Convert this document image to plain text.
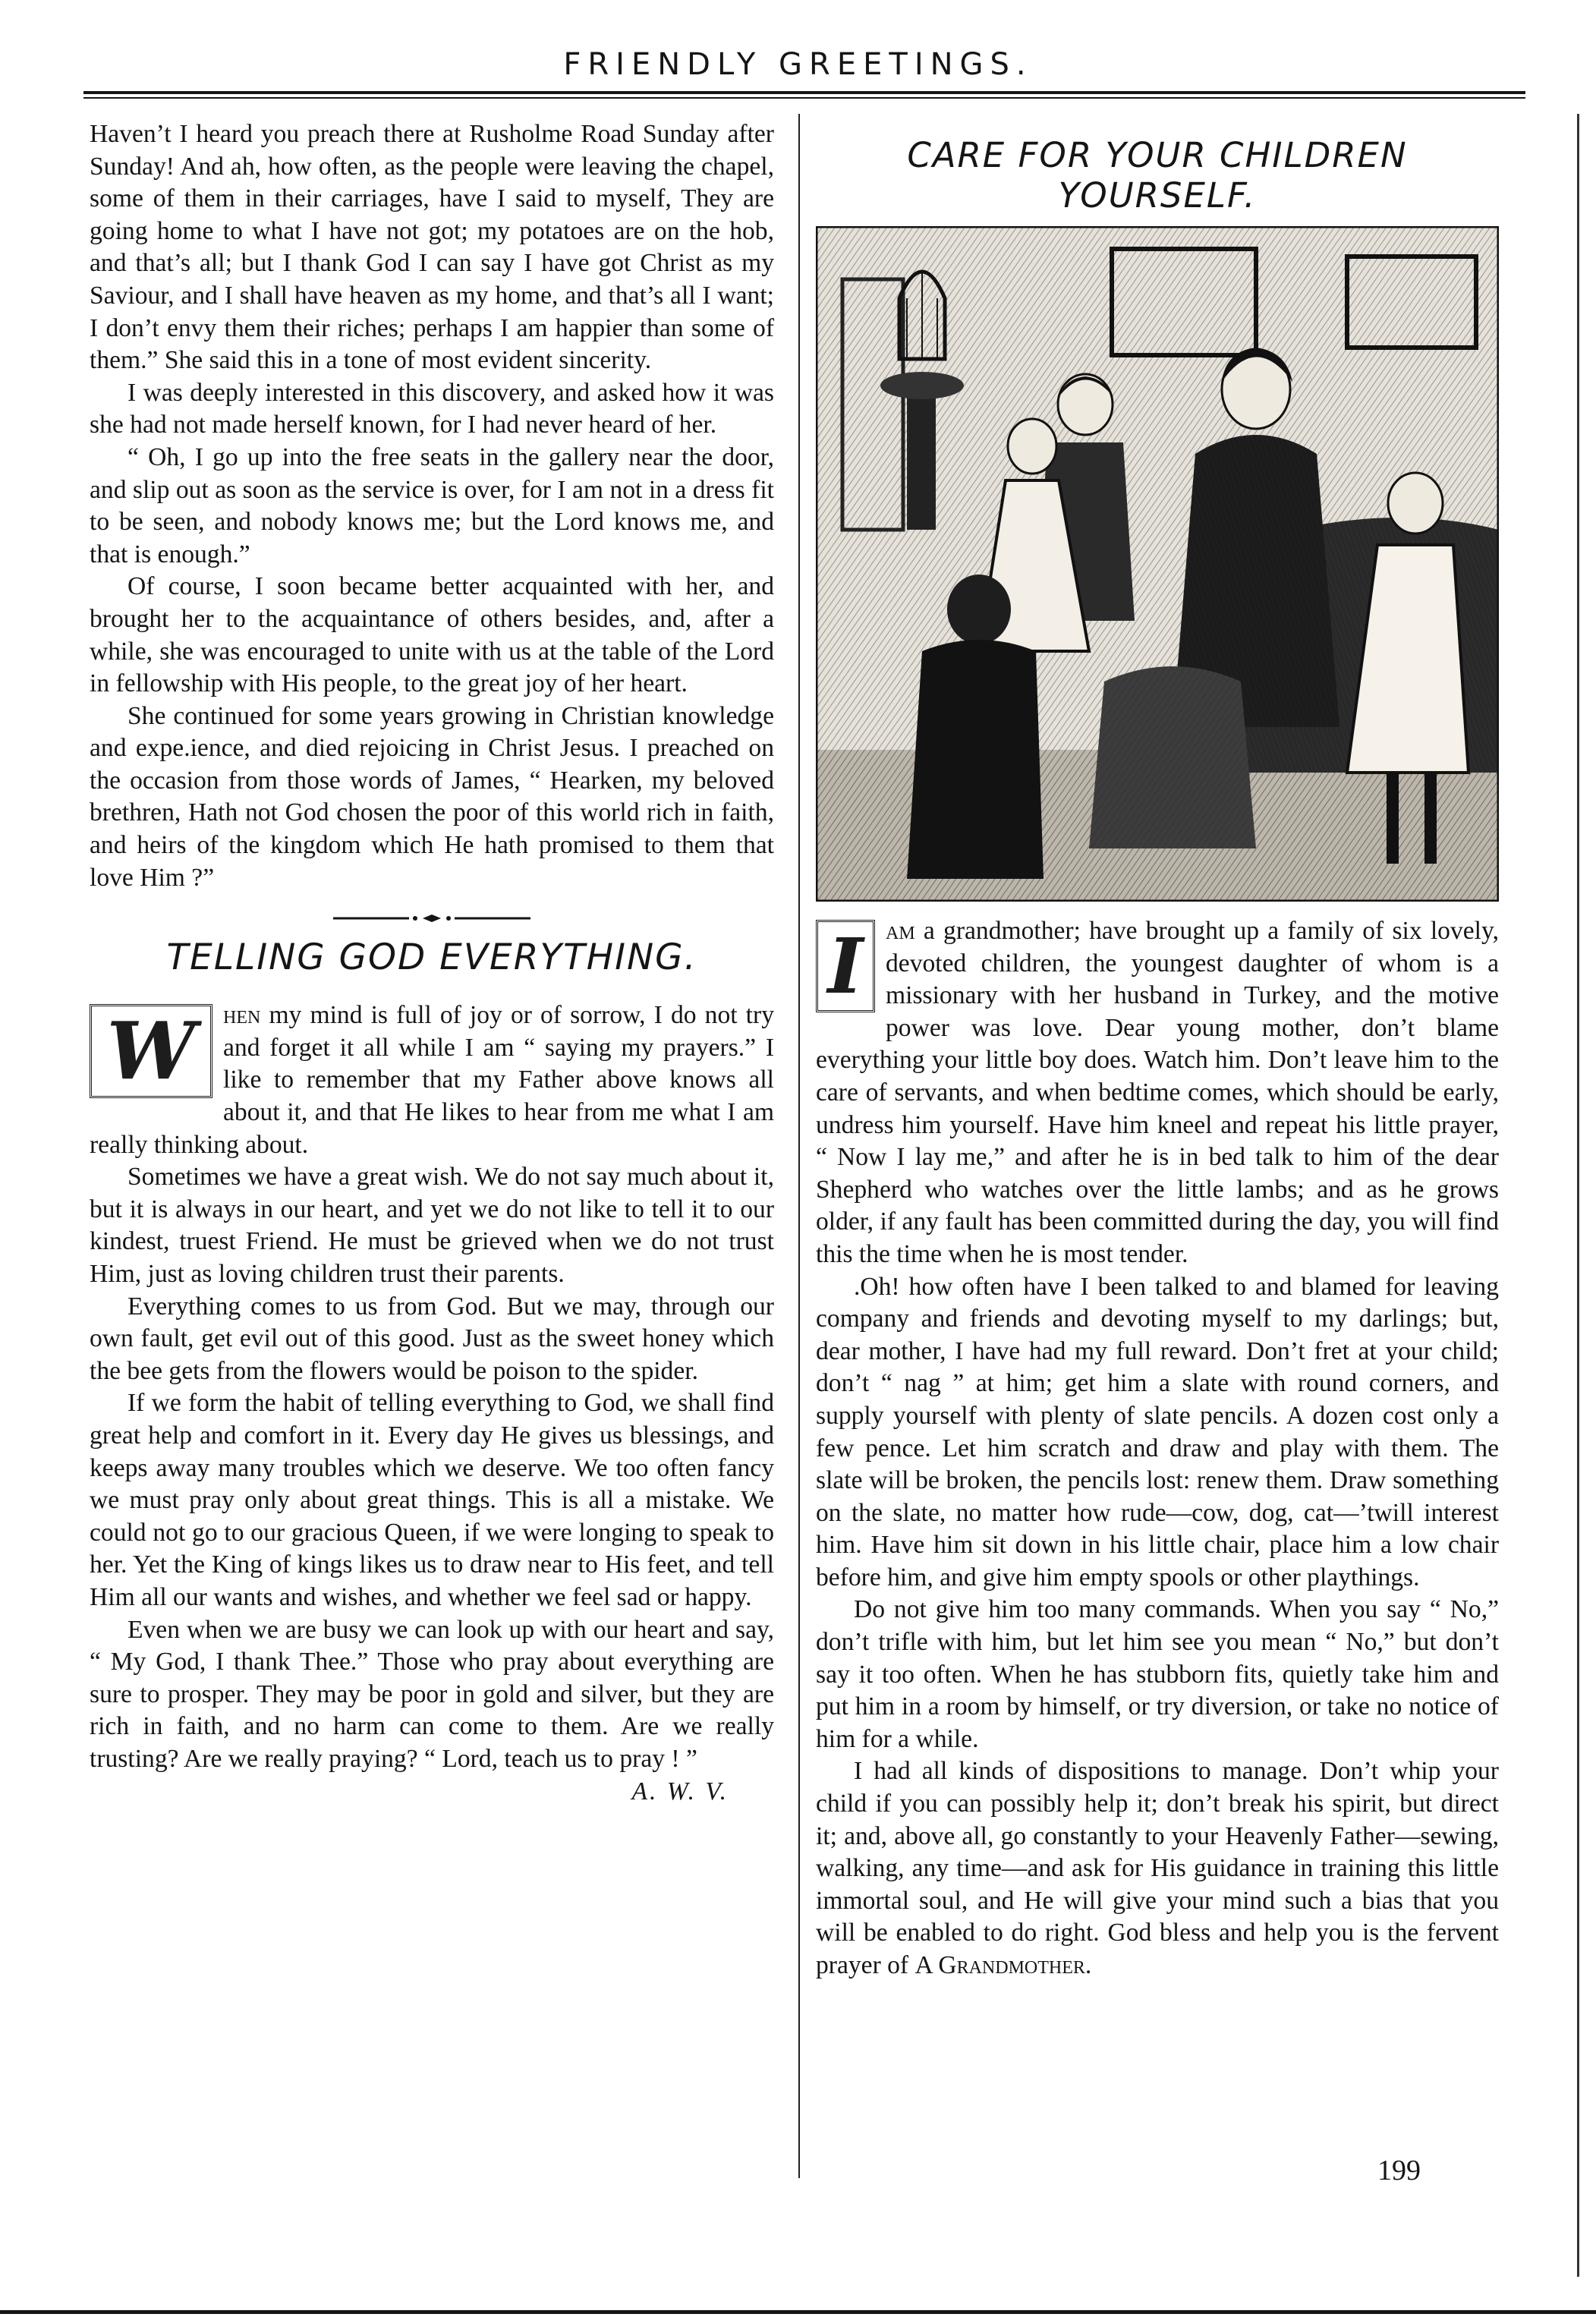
FRIENDLY GREETINGS.

Haven’t I heard you preach there at Rusholme Road Sunday after Sunday! And ah, how often, as the people were leaving the chapel, some of them in their carriages, have I said to myself, They are going home to what I have not got; my potatoes are on the hob, and that’s all; but I thank God I can say I have got Christ as my Saviour, and I shall have heaven as my home, and that’s all I want; I don’t envy them their riches; perhaps I am happier than some of them.” She said this in a tone of most evident sincerity.

I was deeply interested in this discovery, and asked how it was she had not made herself known, for I had never heard of her.

“ Oh, I go up into the free seats in the gallery near the door, and slip out as soon as the service is over, for I am not in a dress fit to be seen, and nobody knows me; but the Lord knows me, and that is enough.”

Of course, I soon became better acquainted with her, and brought her to the acquaintance of others besides, and, after a while, she was encouraged to unite with us at the table of the Lord in fellowship with His people, to the great joy of her heart.

She continued for some years growing in Christian knowledge and expe.ience, and died rejoicing in Christ Jesus. I preached on the occasion from those words of James, “ Hearken, my beloved brethren, Hath not God chosen the poor of this world rich in faith, and heirs of the kingdom which He hath promised to them that love Him ?”

TELLING GOD EVERYTHING.

W	hen my mind is full of joy or of sorrow, I do not try and forget it all while I am “ saying my prayers.” I like to remember that my Father above knows all about it, and that He likes to hear from me what I am really thinking about.

Sometimes we have a great wish. We do not say much about it, but it is always in our heart, and yet we do not like to tell it to our kindest, truest Friend. He must be grieved when we do not trust Him, just as loving children trust their parents.

Everything comes to us from God. But we may, through our own fault, get evil out of this good. Just as the sweet honey which the bee gets from the flowers would be poison to the spider.

If we form the habit of telling everything to God, we shall find great help and comfort in it. Every day He gives us blessings, and keeps away many troubles which we deserve. We too often fancy we must pray only about great things. This is all a mistake. We could not go to our gracious Queen, if we were longing to speak to her. Yet the King of kings likes us to draw near to His feet, and tell Him all our wants and wishes, and whether we feel sad or happy.

Even when we are busy we can look up with our heart and say, “ My God, I thank Thee.” Those who pray about everything are sure to prosper. They may be poor in gold and silver, but they are rich in faith, and no harm can come to them. Are we really trusting? Are we really praying? “ Lord, teach us to pray ! ”
A. W. V.

CARE FOR YOUR CHILDREN YOURSELF.

I am a grandmother; have brought up a family of six lovely, devoted children, the youngest daughter of whom is a missionary with her husband in Turkey, and the motive power was love. Dear young mother, don’t blame everything your little boy does. Watch him. Don’t leave him to the care of servants, and when bedtime comes, which should be early, undress him yourself. Have him kneel and repeat his little prayer, “ Now I lay me,” and after he is in bed talk to him of the dear Shepherd who watches over the little lambs; and as he grows older, if any fault has been committed during the day, you will find this the time when he is most tender.

.Oh! how often have I been talked to and blamed for leaving company and friends and devoting myself to my darlings; but, dear mother, I have had my full reward. Don’t fret at your child; don’t “ nag ” at him; get him a slate with round corners, and supply yourself with plenty of slate pencils. A dozen cost only a few pence. Let him scratch and draw and play with them. The slate will be broken, the pencils lost: renew them. Draw something on the slate, no matter how rude—cow, dog, cat—’twill interest him. Have him sit down in his little chair, place him a low chair before him, and give him empty spools or other playthings.

Do not give him too many commands. When you say “ No,” don’t trifle with him, but let him see you mean “ No,” but don’t say it too often. When he has stubborn fits, quietly take him and put him in a room by himself, or try diversion, or take no notice of him for a while.

I had all kinds of dispositions to manage. Don’t whip your child if you can possibly help it; don’t break his spirit, but direct it; and, above all, go constantly to your Heavenly Father—sewing, walking, any time—and ask for His guidance in training this little immortal soul, and He will give your mind such a bias that you will be enabled to do right. God bless and help you is the fervent prayer of A Grandmother.

199
